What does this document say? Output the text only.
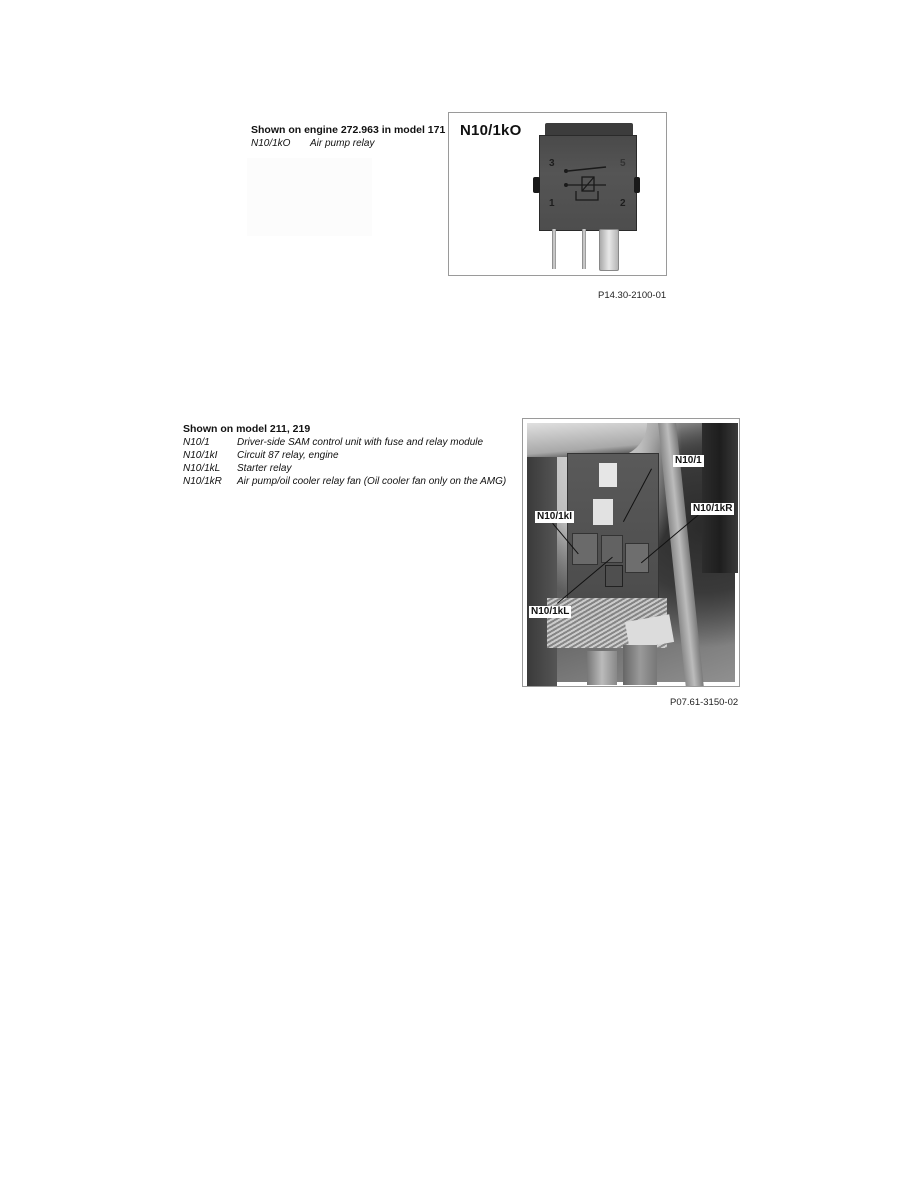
Shown on engine 272.963 in model 171
N10/1kO	Air pump relay
N10/1kO
3	5
1	2
P14.30-2100-01
Shown on model 211, 219
N10/1	Driver-side SAM control unit with fuse and relay module
N10/1kI	Circuit 87 relay, engine
N10/1kL	Starter relay
N10/1kR	Air pump/oil cooler relay fan (Oil cooler fan only on the AMG)
N10/1
N10/1kI
N10/1kR
N10/1kL
P07.61-3150-02
